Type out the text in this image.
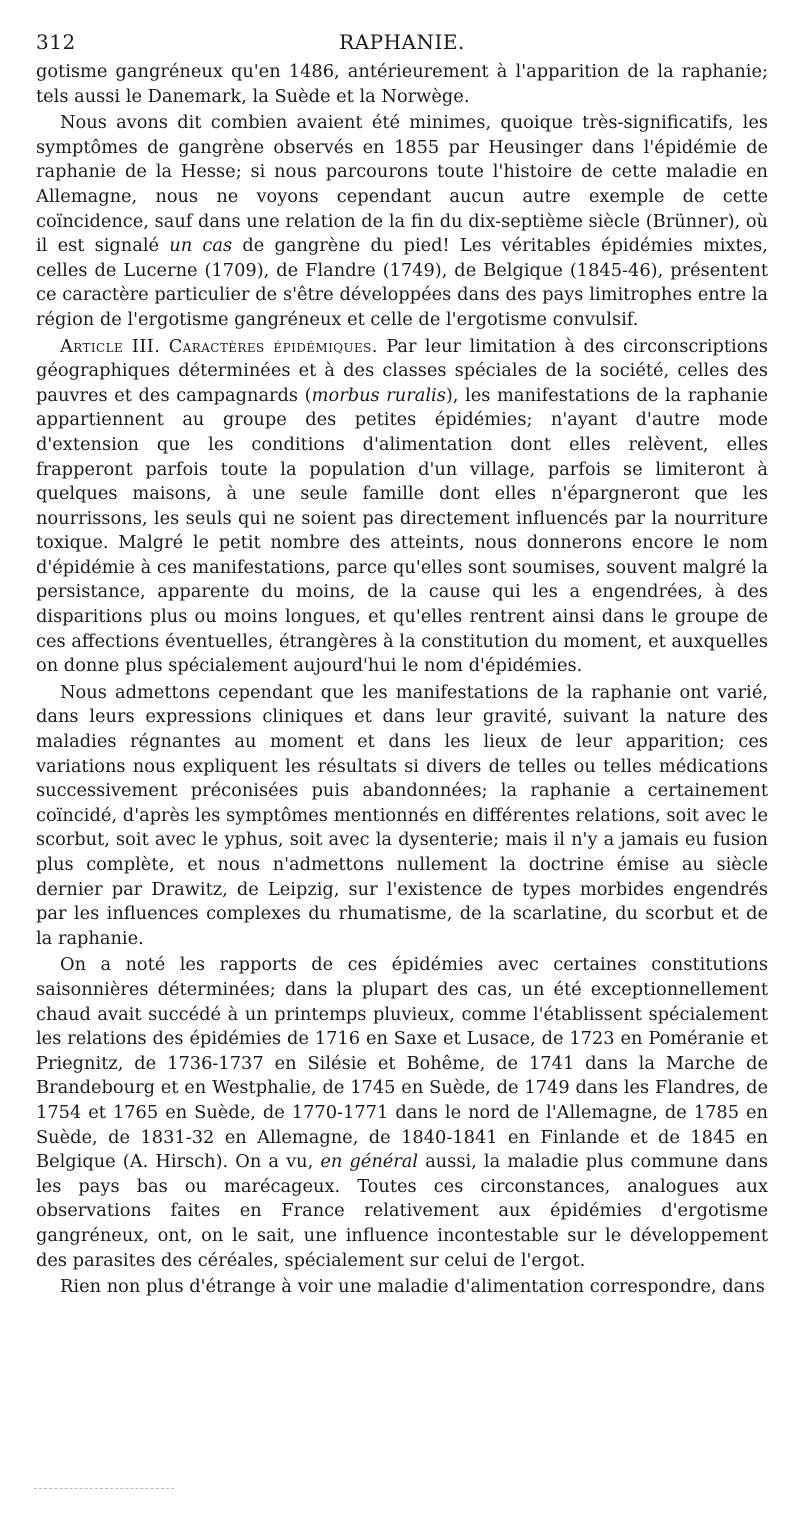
312	RAPHANIE.

gotisme gangréneux qu'en 1486, antérieurement à l'apparition de la raphanie; tels aussi le Danemark, la Suède et la Norwège.

Nous avons dit combien avaient été minimes, quoique très-significatifs, les symptômes de gangrène observés en 1855 par Heusinger dans l'épidémie de raphanie de la Hesse; si nous parcourons toute l'histoire de cette maladie en Allemagne, nous ne voyons cependant aucun autre exemple de cette coïncidence, sauf dans une relation de la fin du dix-septième siècle (Brünner), où il est signalé un cas de gangrène du pied! Les véritables épidémies mixtes, celles de Lucerne (1709), de Flandre (1749), de Belgique (1845-46), présentent ce caractère particulier de s'être développées dans des pays limitrophes entre la région de l'ergotisme gangréneux et celle de l'ergotisme convulsif.

Article III. Caractères épidémiques. Par leur limitation à des circonscriptions géographiques déterminées et à des classes spéciales de la société, celles des pauvres et des campagnards (morbus ruralis), les manifestations de la raphanie appartiennent au groupe des petites épidémies; n'ayant d'autre mode d'extension que les conditions d'alimentation dont elles relèvent, elles frapperont parfois toute la population d'un village, parfois se limiteront à quelques maisons, à une seule famille dont elles n'épargneront que les nourrissons, les seuls qui ne soient pas directement influencés par la nourriture toxique. Malgré le petit nombre des atteints, nous donnerons encore le nom d'épidémie à ces manifestations, parce qu'elles sont soumises, souvent malgré la persistance, apparente du moins, de la cause qui les a engendrées, à des disparitions plus ou moins longues, et qu'elles rentrent ainsi dans le groupe de ces affections éventuelles, étrangères à la constitution du moment, et auxquelles on donne plus spécialement aujourd'hui le nom d'épidémies.

Nous admettons cependant que les manifestations de la raphanie ont varié, dans leurs expressions cliniques et dans leur gravité, suivant la nature des maladies régnantes au moment et dans les lieux de leur apparition; ces variations nous expliquent les résultats si divers de telles ou telles médications successivement préconisées puis abandonnées; la raphanie a certainement coïncidé, d'après les symptômes mentionnés en différentes relations, soit avec le scorbut, soit avec le yphus, soit avec la dysenterie; mais il n'y a jamais eu fusion plus complète, et nous n'admettons nullement la doctrine émise au siècle dernier par Drawitz, de Leipzig, sur l'existence de types morbides engendrés par les influences complexes du rhumatisme, de la scarlatine, du scorbut et de la raphanie.

On a noté les rapports de ces épidémies avec certaines constitutions saisonnières déterminées; dans la plupart des cas, un été exceptionnellement chaud avait succédé à un printemps pluvieux, comme l'établissent spécialement les relations des épidémies de 1716 en Saxe et Lusace, de 1723 en Poméranie et Priegnitz, de 1736-1737 en Silésie et Bohême, de 1741 dans la Marche de Brandebourg et en Westphalie, de 1745 en Suède, de 1749 dans les Flandres, de 1754 et 1765 en Suède, de 1770-1771 dans le nord de l'Allemagne, de 1785 en Suède, de 1831-32 en Allemagne, de 1840-1841 en Finlande et de 1845 en Belgique (A. Hirsch). On a vu, en général aussi, la maladie plus commune dans les pays bas ou marécageux. Toutes ces circonstances, analogues aux observations faites en France relativement aux épidémies d'ergotisme gangréneux, ont, on le sait, une influence incontestable sur le développement des parasites des céréales, spécialement sur celui de l'ergot.

Rien non plus d'étrange à voir une maladie d'alimentation correspondre, dans
